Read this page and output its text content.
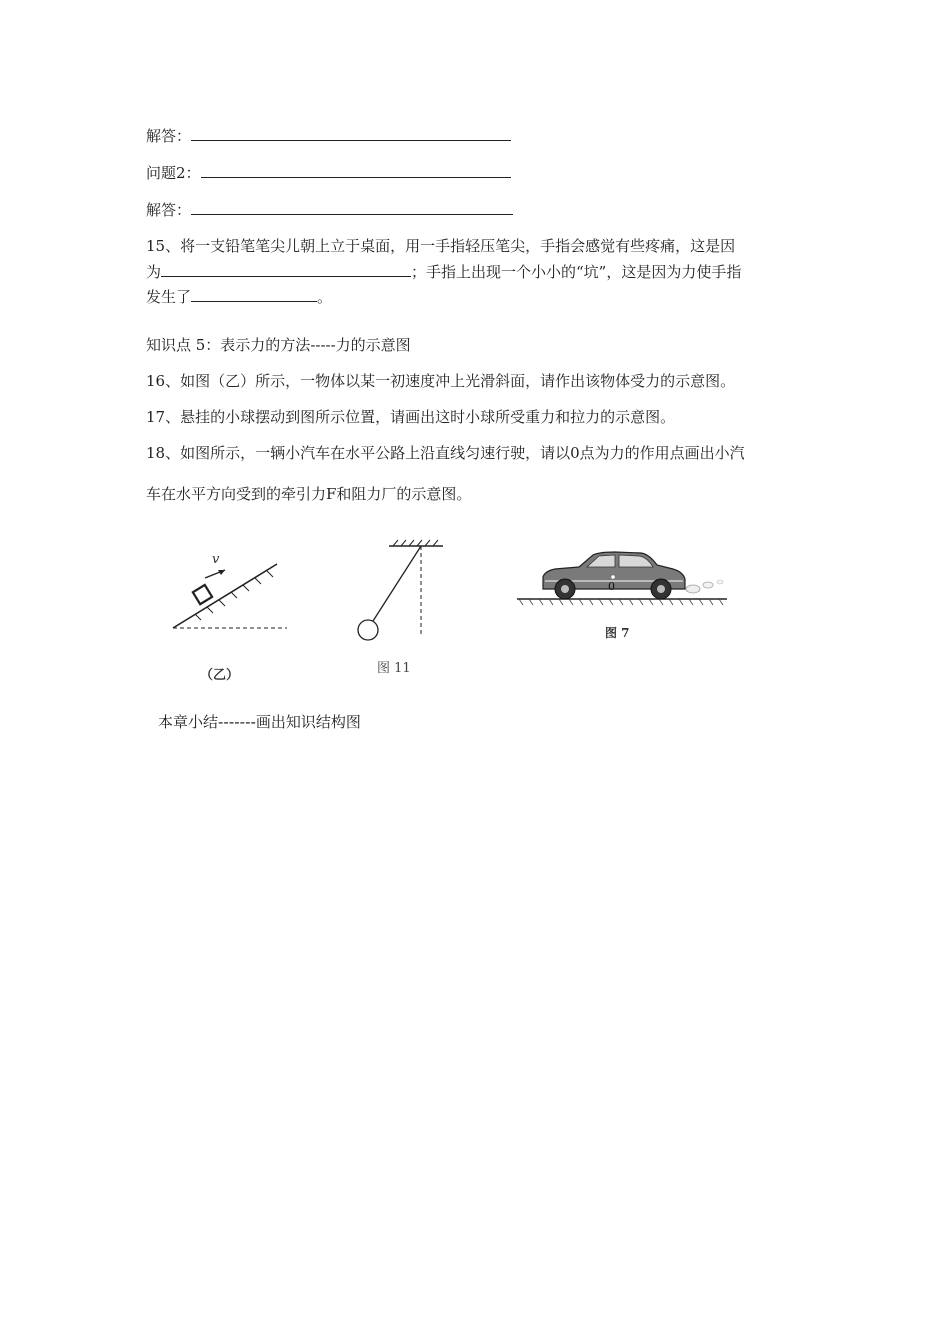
解答：
问题2：
解答：
15、将一支铅笔笔尖儿朝上立于桌面，用一手指轻压笔尖，手指会感觉有些疼痛，这是因
为	；手指上出现一个小小的“坑”，这是因为力使手指
发生了	。
知识点 5：表示力的方法-----力的示意图
16、如图（乙）所示，一物体以某一初速度冲上光滑斜面，请作出该物体受力的示意图。
17、悬挂的小球摆动到图所示位置，请画出这时小球所受重力和拉力的示意图。
18、如图所示，一辆小汽车在水平公路上沿直线匀速行驶，请以0点为力的作用点画出小汽
车在水平方向受到的牵引力F和阻力厂的示意图。
v
（乙）	图 11
0
图 7
本章小结-------画出知识结构图
